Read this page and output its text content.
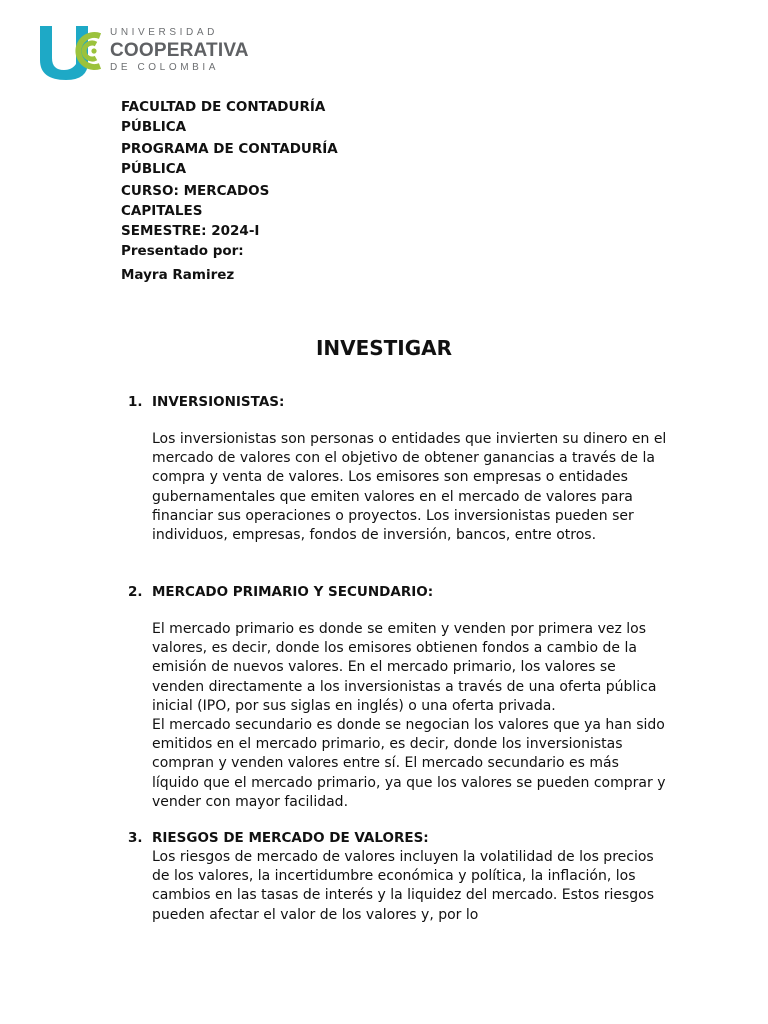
UNIVERSIDAD
COOPERATIVA
DE COLOMBIA
FACULTAD DE CONTADURÍA PÚBLICA
PROGRAMA DE CONTADURÍA PÚBLICA
CURSO: MERCADOS CAPITALES
SEMESTRE: 2024-I
Presentado por:
Mayra Ramirez
INVESTIGAR
1. INVERSIONISTAS:

Los inversionistas son personas o entidades que invierten su dinero en el mercado de valores con el objetivo de obtener ganancias a través de la compra y venta de valores. Los emisores son empresas o entidades gubernamentales que emiten valores en el mercado de valores para financiar sus operaciones o proyectos. Los inversionistas pueden ser individuos, empresas, fondos de inversión, bancos, entre otros.

2. MERCADO PRIMARIO Y SECUNDARIO:

El mercado primario es donde se emiten y venden por primera vez los valores, es decir, donde los emisores obtienen fondos a cambio de la emisión de nuevos valores. En el mercado primario, los valores se venden directamente a los inversionistas a través de una oferta pública inicial (IPO, por sus siglas en inglés) o una oferta privada.

El mercado secundario es donde se negocian los valores que ya han sido emitidos en el mercado primario, es decir, donde los inversionistas compran y venden valores entre sí. El mercado secundario es más líquido que el mercado primario, ya que los valores se pueden comprar y vender con mayor facilidad.

3. RIESGOS DE MERCADO DE VALORES:

Los riesgos de mercado de valores incluyen la volatilidad de los precios de los valores, la incertidumbre económica y política, la inflación, los cambios en las tasas de interés y la liquidez del mercado. Estos riesgos pueden afectar el valor de los valores y, por lo
